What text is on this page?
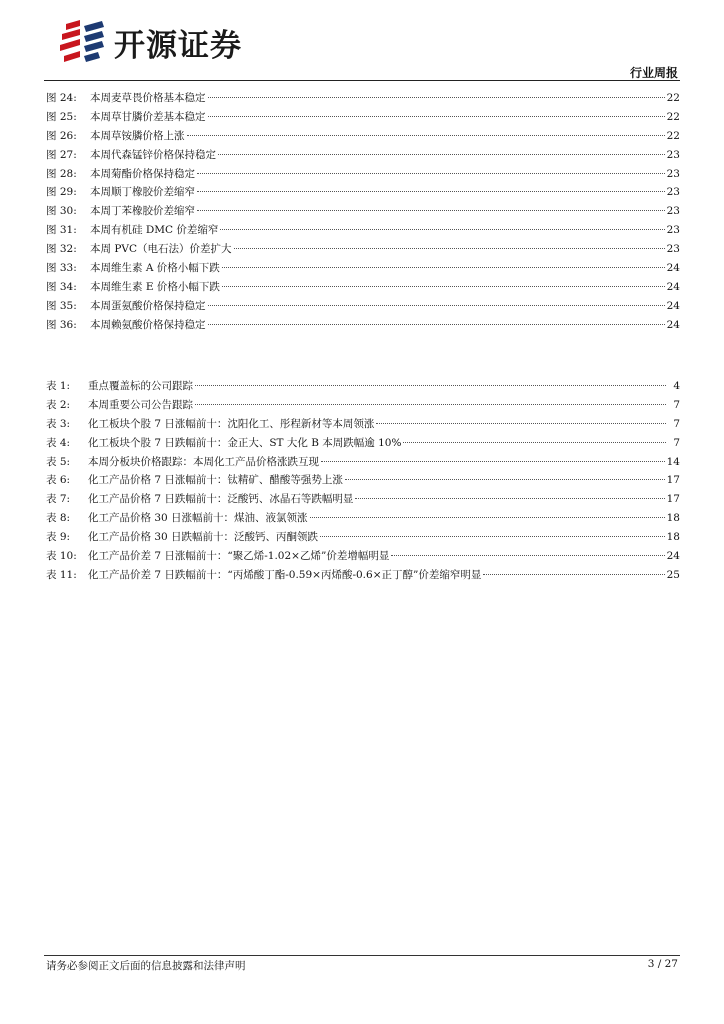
开源证券
行业周报
图 24:	本周麦草畏价格基本稳定	22
图 25:	本周草甘膦价差基本稳定	22
图 26:	本周草铵膦价格上涨	22
图 27:	本周代森锰锌价格保持稳定	23
图 28:	本周菊酯价格保持稳定	23
图 29:	本周顺丁橡胶价差缩窄	23
图 30:	本周丁苯橡胶价差缩窄	23
图 31:	本周有机硅 DMC 价差缩窄	23
图 32:	本周 PVC（电石法）价差扩大	23
图 33:	本周维生素 A 价格小幅下跌	24
图 34:	本周维生素 E 价格小幅下跌	24
图 35:	本周蛋氨酸价格保持稳定	24
图 36:	本周赖氨酸价格保持稳定	24
表 1:	重点覆盖标的公司跟踪	4
表 2:	本周重要公司公告跟踪	7
表 3:	化工板块个股 7 日涨幅前十：沈阳化工、彤程新材等本周领涨	7
表 4:	化工板块个股 7 日跌幅前十：金正大、ST 大化 B 本周跌幅逾 10%	7
表 5:	本周分板块价格跟踪：本周化工产品价格涨跌互现	14
表 6:	化工产品价格 7 日涨幅前十：钛精矿、醋酸等强势上涨	17
表 7:	化工产品价格 7 日跌幅前十：泛酸钙、冰晶石等跌幅明显	17
表 8:	化工产品价格 30 日涨幅前十：煤油、液氯领涨	18
表 9:	化工产品价格 30 日跌幅前十：泛酸钙、丙酮领跌	18
表 10:	化工产品价差 7 日涨幅前十：“聚乙烯-1.02×乙烯”价差增幅明显	24
表 11:	化工产品价差 7 日跌幅前十：“丙烯酸丁酯-0.59×丙烯酸-0.6×正丁醇”价差缩窄明显	25
请务必参阅正文后面的信息披露和法律声明	3 / 27
